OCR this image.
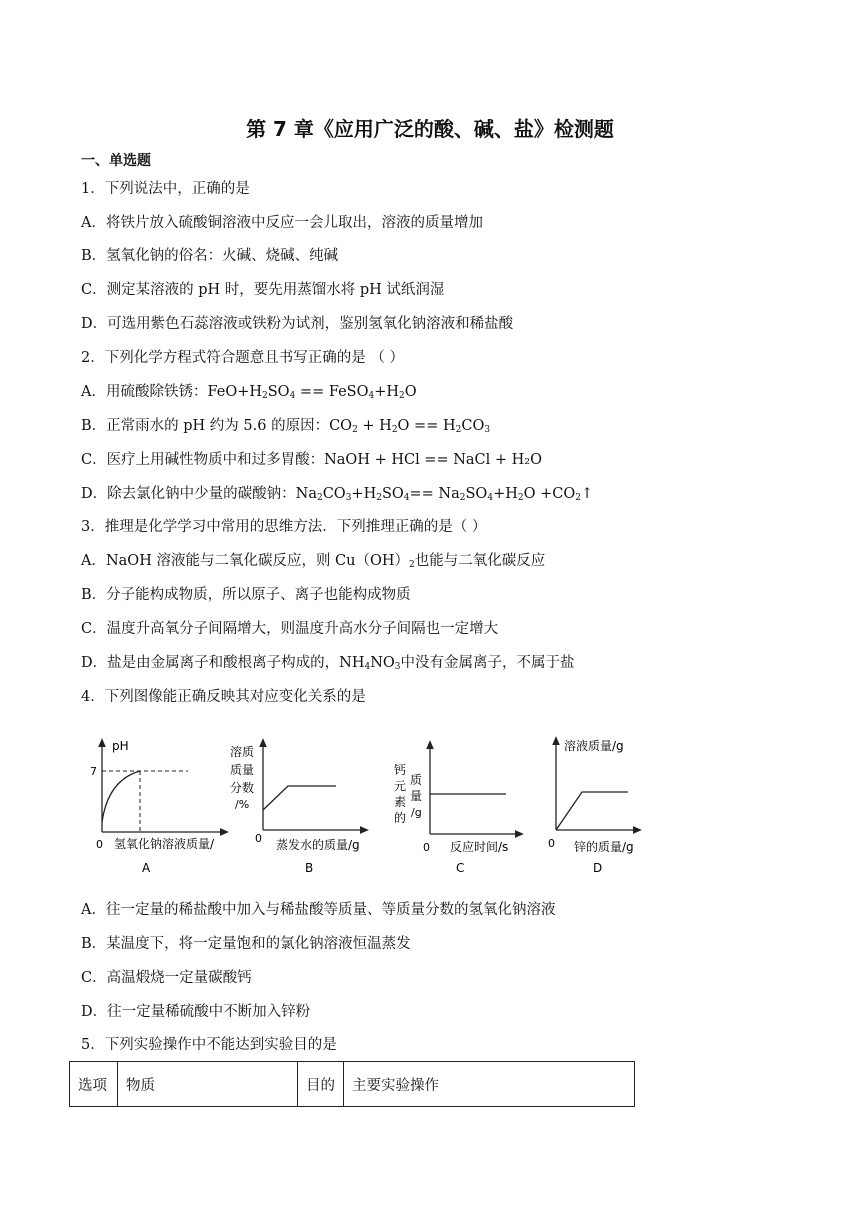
第 7 章《应用广泛的酸、碱、盐》检测题
一、单选题
1．下列说法中，正确的是
A．将铁片放入硫酸铜溶液中反应一会儿取出，溶液的质量增加
B．氢氧化钠的俗名：火碱、烧碱、纯碱
C．测定某溶液的 pH 时，要先用蒸馏水将 pH 试纸润湿
D．可选用紫色石蕊溶液或铁粉为试剂，鉴别氢氧化钠溶液和稀盐酸
2．下列化学方程式符合题意且书写正确的是 （ ）
A．用硫酸除铁锈：$FeO+H_2SO_4$ == $FeSO_4+H_2O$
B．正常雨水的 pH 约为 5.6 的原因：$CO_2 + H_2O == H_2CO_3$
C．医疗上用碱性物质中和过多胃酸：NaOH + HCl == NaCl + H₂O
D．除去氯化钠中少量的碳酸钠：$Na_2CO_3+H_2SO_4== Na_2SO_4+H_2O$ $+CO_2↑$
3．推理是化学学习中常用的思维方法．下列推理正确的是（ ）
A．NaOH 溶液能与二氧化碳反应，则 $Cu(OH)_2$也能与二氧化碳反应
B．分子能构成物质，所以原子、离子也能构成物质
C．温度升高氧分子间隔增大，则温度升高水分子间隔也一定增大
D．盐是由金属离子和酸根离子构成的，$NH_4NO_3$中没有金属离子，不属于盐
4．下列图像能正确反映其对应变化关系的是
pH
7
0 氢氧化钠溶液质量/
A
溶质
质量
分数
/%
0 蒸发水的质量/g
B
钙
元
素
的
质
量
/g
0 反应时间/s
C
溶液质量/g
0 锌的质量/g
D
A．往一定量的稀盐酸中加入与稀盐酸等质量、等质量分数的氢氧化钠溶液
B．某温度下，将一定量饱和的氯化钠溶液恒温蒸发
C．高温煅烧一定量碳酸钙
D．往一定量稀硫酸中不断加入锌粉
5．下列实验操作中不能达到实验目的是
选项	物质	目的	主要实验操作
